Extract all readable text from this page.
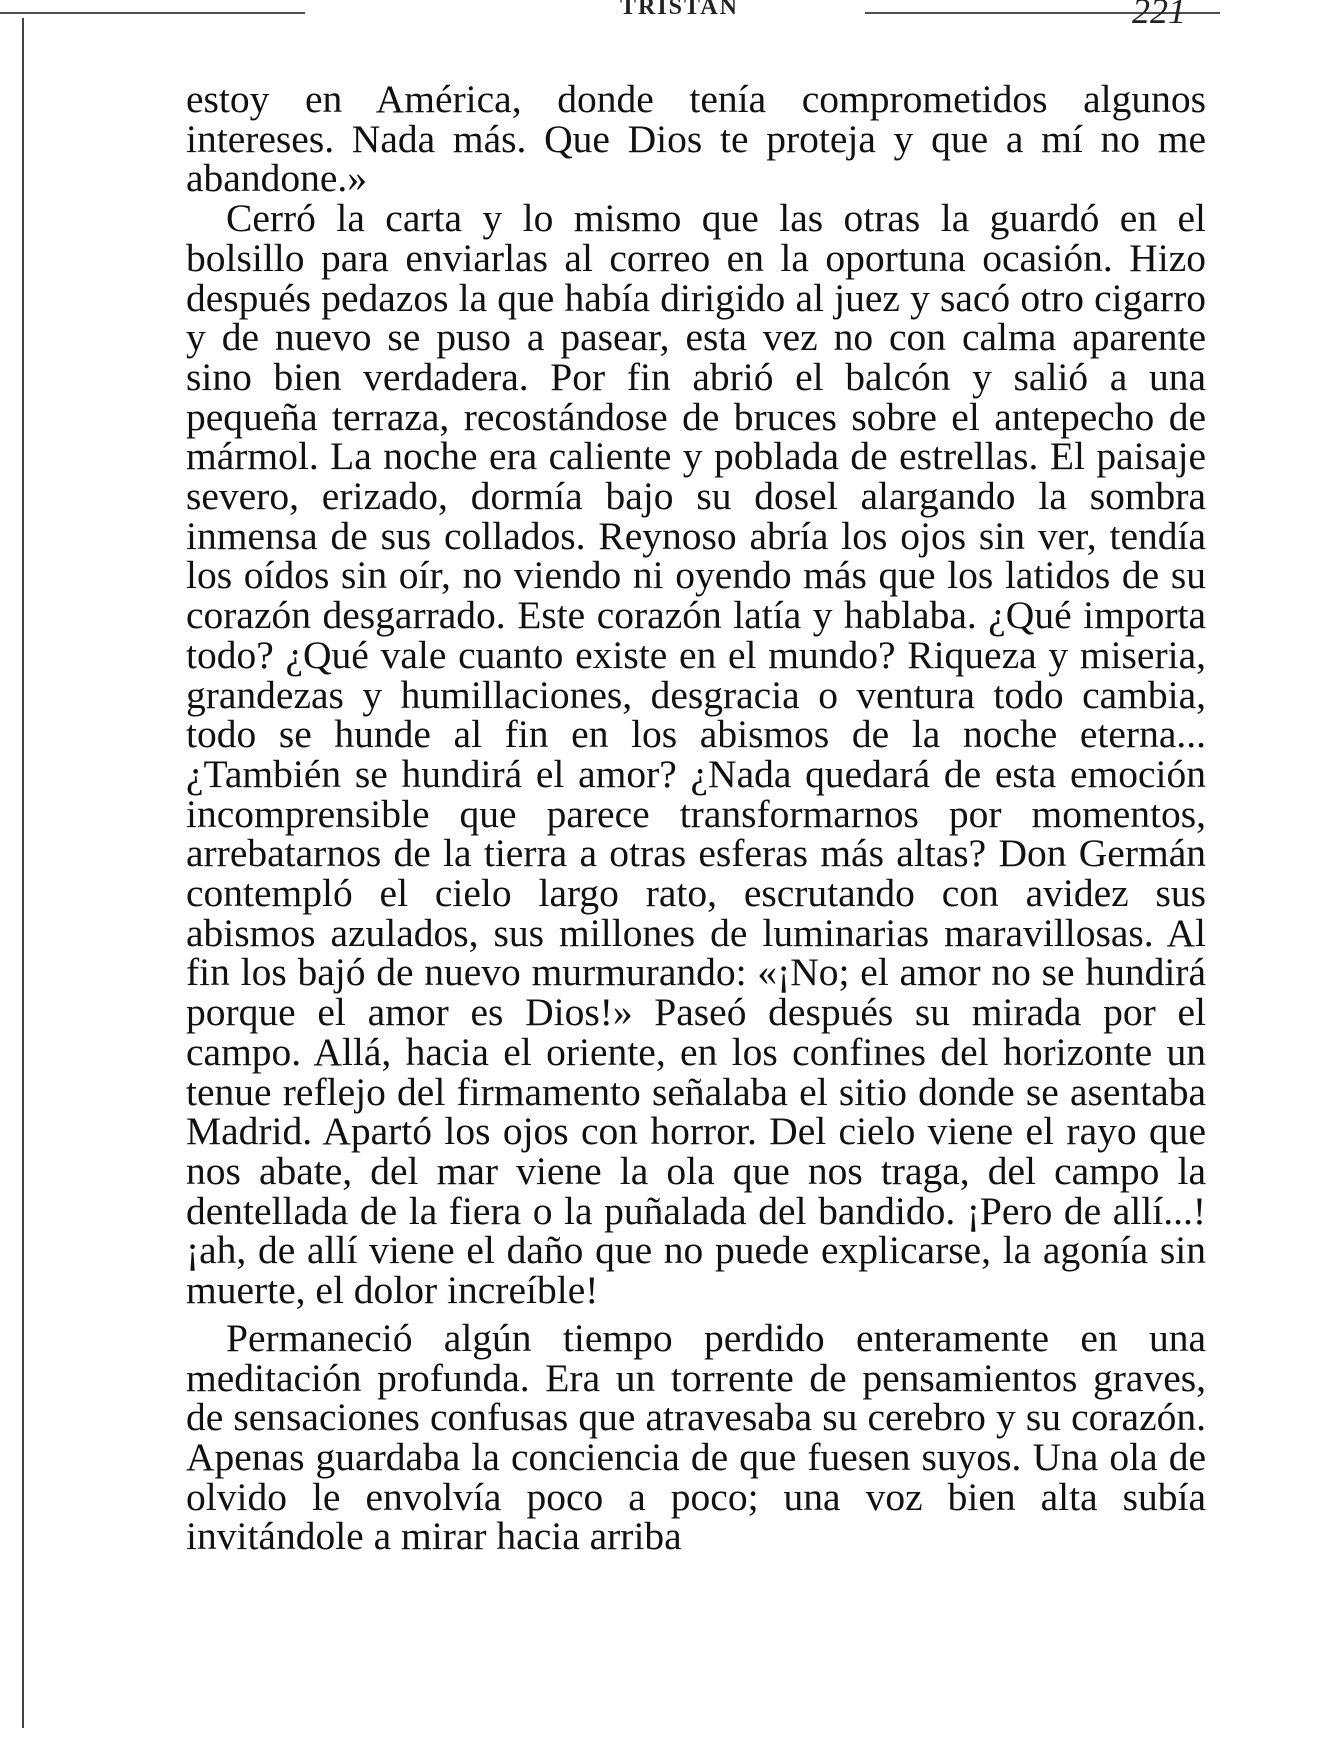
TRISTAN	221

estoy en América, donde tenía comprometidos algunos intereses. Nada más. Que Dios te proteja y que a mí no me abandone.»

Cerró la carta y lo mismo que las otras la guardó en el bolsillo para enviarlas al correo en la oportuna ocasión. Hizo después pedazos la que había dirigido al juez y sacó otro cigarro y de nuevo se puso a pasear, esta vez no con calma aparente sino bien verdadera. Por fin abrió el balcón y salió a una pequeña terraza, recostándose de bruces sobre el antepecho de mármol. La noche era caliente y poblada de estrellas. El paisaje severo, erizado, dormía bajo su dosel alargando la sombra inmensa de sus collados. Reynoso abría los ojos sin ver, tendía los oídos sin oír, no viendo ni oyendo más que los latidos de su corazón desgarrado. Este corazón latía y hablaba. ¿Qué importa todo? ¿Qué vale cuanto existe en el mundo? Riqueza y miseria, grandezas y humillaciones, desgracia o ventura todo cambia, todo se hunde al fin en los abismos de la noche eterna... ¿También se hundirá el amor? ¿Nada quedará de esta emoción incomprensible que parece transformarnos por momentos, arrebatarnos de la tierra a otras esferas más altas? Don Germán contempló el cielo largo rato, escrutando con avidez sus abismos azulados, sus millones de luminarias maravillosas. Al fin los bajó de nuevo murmurando: «¡No; el amor no se hundirá porque el amor es Dios!» Paseó después su mirada por el campo. Allá, hacia el oriente, en los confines del horizonte un tenue reflejo del firmamento señalaba el sitio donde se asentaba Madrid. Apartó los ojos con horror. Del cielo viene el rayo que nos abate, del mar viene la ola que nos traga, del campo la dentellada de la fiera o la puñalada del bandido. ¡Pero de allí...! ¡ah, de allí viene el daño que no puede explicarse, la agonía sin muerte, el dolor increíble!

Permaneció algún tiempo perdido enteramente en una meditación profunda. Era un torrente de pensamientos graves, de sensaciones confusas que atravesaba su cerebro y su corazón. Apenas guardaba la conciencia de que fuesen suyos. Una ola de olvido le envolvía poco a poco; una voz bien alta subía invitándole a mirar hacia arriba
